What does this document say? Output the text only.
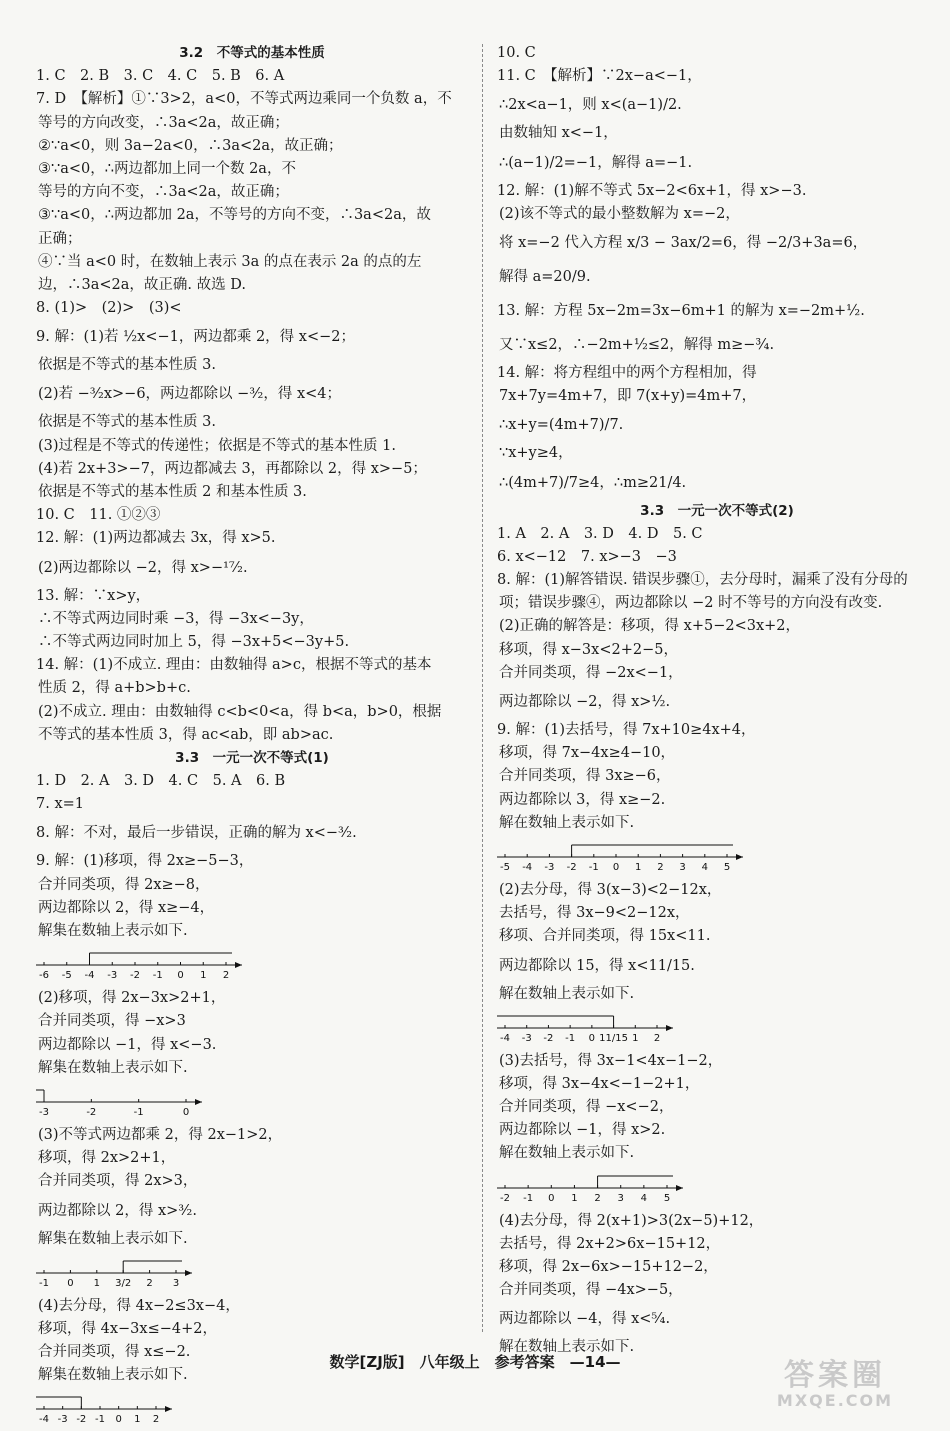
3.2　不等式的基本性质
1. C　2. B　3. C　4. C　5. B　6. A
7. D　【解析】①∵3>2，a<0，不等式两边乘同一个负数 a，不
等号的方向改变，∴3a<2a，故正确；
②∵a<0，则 3a−2a<0，∴3a<2a，故正确；
③∵a<0，∴两边都加上同一个数 2a，不
等号的方向不变，∴3a<2a，故正确；
③∵a<0，∴两边都加 2a，不等号的方向不变，∴3a<2a，故
正确；
④∵当 a<0 时，在数轴上表示 3a 的点在表示 2a 的点的左
边，∴3a<2a，故正确. 故选 D.
8. (1)>　(2)>　(3)<
9. 解：(1)若 ½x<−1，两边都乘 2，得 x<−2；
依据是不等式的基本性质 3.
(2)若 −³⁄₂x>−6，两边都除以 −³⁄₂，得 x<4；
依据是不等式的基本性质 3.
(3)过程是不等式的传递性；依据是不等式的基本性质 1.
(4)若 2x+3>−7，两边都减去 3，再都除以 2，得 x>−5；
依据是不等式的基本性质 2 和基本性质 3.
10. C　11. ①②③
12. 解：(1)两边都减去 3x，得 x>5.
(2)两边都除以 −2，得 x>−¹⁷⁄₂.
13. 解：∵x>y，
∴不等式两边同时乘 −3，得 −3x<−3y，
∴不等式两边同时加上 5，得 −3x+5<−3y+5.
14. 解：(1)不成立. 理由：由数轴得 a>c，根据不等式的基本
性质 2，得 a+b>b+c.
(2)不成立. 理由：由数轴得 c<b<0<a，得 b<a，b>0，根据
不等式的基本性质 3，得 ac<ab，即 ab>ac.
3.3　一元一次不等式(1)
1. D　2. A　3. D　4. C　5. A　6. B
7. x=1
8. 解：不对，最后一步错误，正确的解为 x<−³⁄₂.
9. 解：(1)移项，得 2x≥−5−3，
合并同类项，得 2x≥−8，
两边都除以 2，得 x≥−4，
解集在数轴上表示如下.
-6 -5 -4 -3 -2 -1 0 1 2
(2)移项，得 2x−3x>2+1，
合并同类项，得 −x>3
两边都除以 −1，得 x<−3.
解集在数轴上表示如下.
-3	-2	-1	0
(3)不等式两边都乘 2，得 2x−1>2，
移项，得 2x>2+1，
合并同类项，得 2x>3，
两边都除以 2，得 x>³⁄₂.
解集在数轴上表示如下.
-1 0 1 3/2 2 3
(4)去分母，得 4x−2≤3x−4，
移项，得 4x−3x≤−4+2，
合并同类项，得 x≤−2.
解集在数轴上表示如下.
-4 -3 -2 -1 0 1 2
10. C
11. C　【解析】∵2x−a<−1，
∴2x<a−1，则 x<(a−1)/2.
由数轴知 x<−1，
∴(a−1)/2=−1，解得 a=−1.
12. 解：(1)解不等式 5x−2<6x+1，得 x>−3.
(2)该不等式的最小整数解为 x=−2，
将 x=−2 代入方程 x/3 − 3ax/2=6，得 −2/3+3a=6，
解得 a=20/9.
13. 解：方程 5x−2m=3x−6m+1 的解为 x=−2m+½.
又∵x≤2，∴−2m+½≤2，解得 m≥−¾.
14. 解：将方程组中的两个方程相加，得
7x+7y=4m+7，即 7(x+y)=4m+7，
∴x+y=(4m+7)/7.
∵x+y≥4，
∴(4m+7)/7≥4，∴m≥21/4.
3.3　一元一次不等式(2)
1. A　2. A　3. D　4. D　5. C
6. x<−12　7. x>−3　−3
8. 解：(1)解答错误. 错误步骤①，去分母时，漏乘了没有分母的
项；错误步骤④，两边都除以 −2 时不等号的方向没有改变.
(2)正确的解答是：移项，得 x+5−2<3x+2，
移项，得 x−3x<2+2−5，
合并同类项，得 −2x<−1，
两边都除以 −2，得 x>½.
9. 解：(1)去括号，得 7x+10≥4x+4，
移项，得 7x−4x≥4−10，
合并同类项，得 3x≥−6，
两边都除以 3，得 x≥−2.
解在数轴上表示如下.
-5 -4 -3 -2 -1 0 1 2 3 4 5
(2)去分母，得 3(x−3)<2−12x，
去括号，得 3x−9<2−12x，
移项、合并同类项，得 15x<11.
两边都除以 15，得 x<11/15.
解在数轴上表示如下.
-4 -3 -2 -1 0 11/15 1 2
(3)去括号，得 3x−1<4x−1−2，
移项，得 3x−4x<−1−2+1，
合并同类项，得 −x<−2，
两边都除以 −1，得 x>2.
解在数轴上表示如下.
-2 -1 0 1 2 3 4 5
(4)去分母，得 2(x+1)>3(2x−5)+12，
去括号，得 2x+2>6x−15+12，
移项，得 2x−6x>−15+12−2，
合并同类项，得 −4x>−5，
两边都除以 −4，得 x<⁵⁄₄.
解在数轴上表示如下.
数学[ZJ版]　八年级上　参考答案　—14—	答案圈
MXQE.COM
